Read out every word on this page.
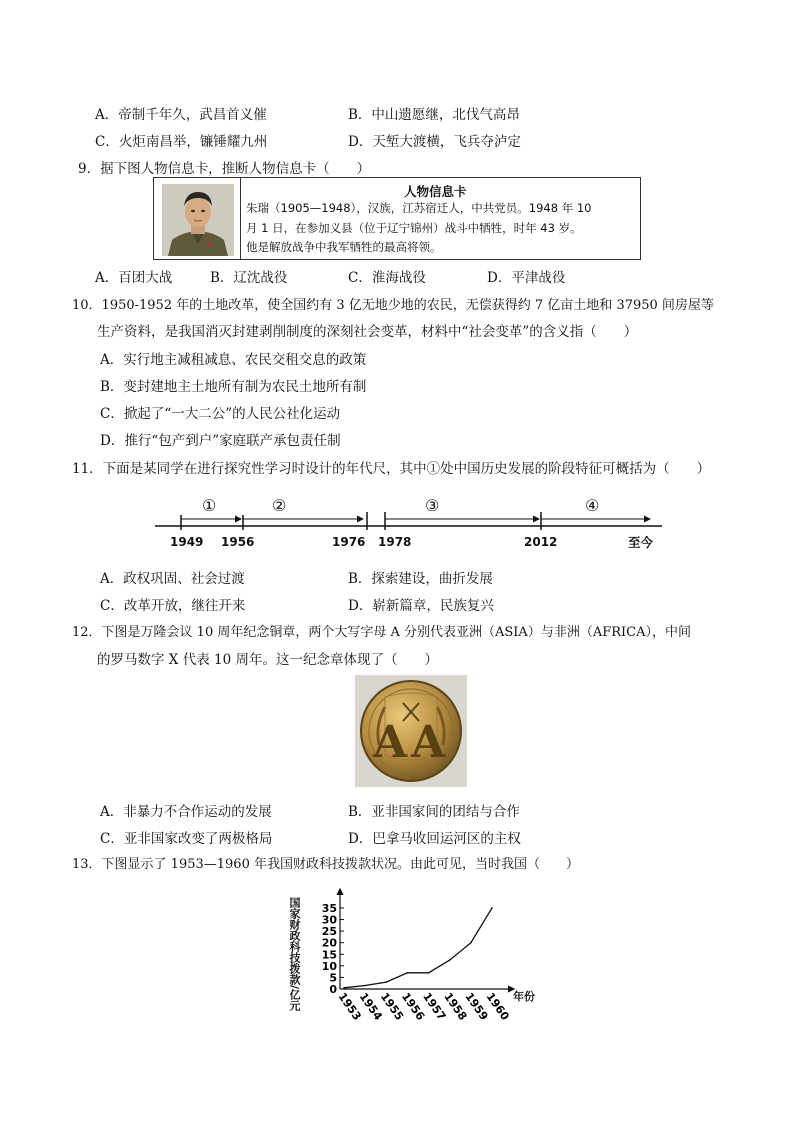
A．帝制千年久，武昌首义催	B．中山遗愿继，北伐气高昂
C．火炬南昌举，镰锤耀九州	D．天堑大渡横，飞兵夺泸定
9．据下图人物信息卡，推断人物信息卡（　　）
人物信息卡
朱瑞（1905—1948），汉族，江苏宿迁人，中共党员。1948 年 10
月 1 日，在参加义县（位于辽宁锦州）战斗中牺牲，时年 43 岁。
他是解放战争中我军牺牲的最高将领。
A．百团大战	B．辽沈战役	C．淮海战役	D．平津战役
10．1950-1952 年的土地改革，使全国约有 3 亿无地少地的农民，无偿获得约 7 亿亩土地和 37950 间房屋等
生产资料，是我国消灭封建剥削制度的深刻社会变革，材料中“社会变革”的含义指（　　）
A．实行地主减租减息、农民交租交息的政策
B．变封建地主土地所有制为农民土地所有制
C．掀起了“一大二公”的人民公社化运动
D．推行“包产到户”家庭联产承包责任制
11．下面是某同学在进行探究性学习时设计的年代尺，其中①处中国历史发展的阶段特征可概括为（　　）
①	②	③	④
1949 1956	1976 1978	2012	至今
A．政权巩固、社会过渡	B．探索建设，曲折发展
C．改革开放，继往开来	D．崭新篇章，民族复兴
12．下图是万隆会议 10 周年纪念铜章，两个大写字母 A 分别代表亚洲（ASIA）与非洲（AFRICA），中间
的罗马数字 X 代表 10 周年。这一纪念章体现了（　　）
AA
A．非暴力不合作运动的发展	B．亚非国家间的团结与合作
C．亚非国家改变了两极格局	D．巴拿马收回运河区的主权
13．下图显示了 1953—1960 年我国财政科技拨款状况。由此可见，当时我国（　　）
国家财政科技拨款/亿元	0
5
10
15
20
25
30
35
1953
1954
1955
1956
1957
1958
1959
1960 年份
